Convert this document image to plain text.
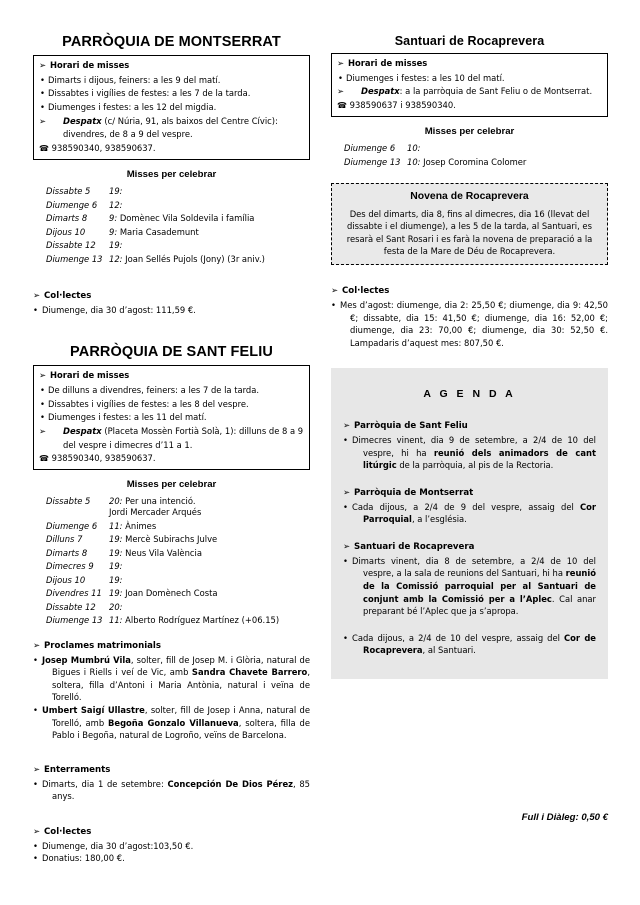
PARRÒQUIA DE MONTSERRAT
➢ Horari de misses
• Dimarts i dijous, feiners: a les 9 del matí.
• Dissabtes i vigílies de festes: a les 7 de la tarda.
• Diumenges i festes: a les 12 del migdia.
➢	Despatx (c/ Núria, 91, als baixos del Centre Cívic):
divendres, de 8 a 9 del vespre.
☎ 938590340, 938590637.
Misses per celebrar
Dissabte 5	19:
Diumenge 6	12:
Dimarts 8	9: Domènec Vila Soldevila i família
Dijous 10	9: Maria Casademunt
Dissabte 12	19:
Diumenge 13	12: Joan Sellés Pujols (Jony) (3r aniv.)
➢ Col·lectes
• Diumenge, dia 30 d’agost: 111,59 €.
PARRÒQUIA DE SANT FELIU
➢ Horari de misses
• De dilluns a divendres, feiners: a les 7 de la tarda.
• Dissabtes i vigílies de festes: a les 8 del vespre.
• Diumenges i festes: a les 11 del matí.
➢	Despatx (Placeta Mossèn Fortià Solà, 1): dilluns de 8 a 9
del vespre i dimecres d’11 a 1.
☎ 938590340, 938590637.
Misses per celebrar
Dissabte 5	20: Per una intenció.
Jordi Mercader Arqués
Diumenge 6	11: Ànimes
Dilluns 7	19: Mercè Subirachs Julve
Dimarts 8	19: Neus Vila València
Dimecres 9	19:
Dijous 10	19:
Divendres 11	19: Joan Domènech Costa
Dissabte 12	20:
Diumenge 13	11: Alberto Rodríguez Martínez (+06.15)
➢ Proclames matrimonials
• Josep Mumbrú Vila, solter, fill de Josep M. i Glòria, natural de Bigues i Riells i veí de Vic, amb Sandra Chavete Barrero, soltera, filla d’Antoni i Maria Antònia, natural i veïna de Torelló.
• Umbert Saigí Ullastre, solter, fill de Josep i Anna, natural de Torelló, amb Begoña Gonzalo Villanueva, soltera, filla de Pablo i Begoña, natural de Logroño, veïns de Barcelona.
➢ Enterraments
• Dimarts, dia 1 de setembre: Concepción De Dios Pérez, 85 anys.
➢ Col·lectes
• Diumenge, dia 30 d’agost:103,50 €.
• Donatius: 180,00 €.
Santuari de Rocaprevera
➢ Horari de misses
• Diumenges i festes: a les 10 del matí.
➢	Despatx: a la parròquia de Sant Feliu o de Montserrat.
☎ 938590637 i 938590340.
Misses per celebrar
Diumenge 6	10:
Diumenge 13	10: Josep Coromina Colomer
Novena de Rocaprevera
Des del dimarts, dia 8, fins al dimecres, dia 16 (llevat del dissabte i el diumenge), a les 5 de la tarda, al Santuari, es resarà el Sant Rosari i es farà la novena de preparació a la festa de la Mare de Déu de Rocaprevera.
➢ Col·lectes
• Mes d’agost: diumenge, dia 2: 25,50 €; diumenge, dia 9: 42,50 €; dissabte, dia 15: 41,50 €; diumenge, dia 16: 52,00 €; diumenge, dia 23: 70,00 €; diumenge, dia 30: 52,50 €. Lampadaris d’aquest mes: 807,50 €.
A G E N D A
➢ Parròquia de Sant Feliu
• Dimecres vinent, dia 9 de setembre, a 2/4 de 10 del vespre, hi ha reunió dels animadors de cant litúrgic de la parròquia, al pis de la Rectoria.
➢ Parròquia de Montserrat
• Cada dijous, a 2/4 de 9 del vespre, assaig del Cor Parroquial, a l’església.
➢ Santuari de Rocaprevera
• Dimarts vinent, dia 8 de setembre, a 2/4 de 10 del vespre, a la sala de reunions del Santuari, hi ha reunió de la Comissió parroquial per al Santuari de conjunt amb la Comissió per a l’Aplec. Cal anar preparant bé l’Aplec que ja s’apropa.
• Cada dijous, a 2/4 de 10 del vespre, assaig del Cor de Rocaprevera, al Santuari.
Full i Diàleg: 0,50 €
